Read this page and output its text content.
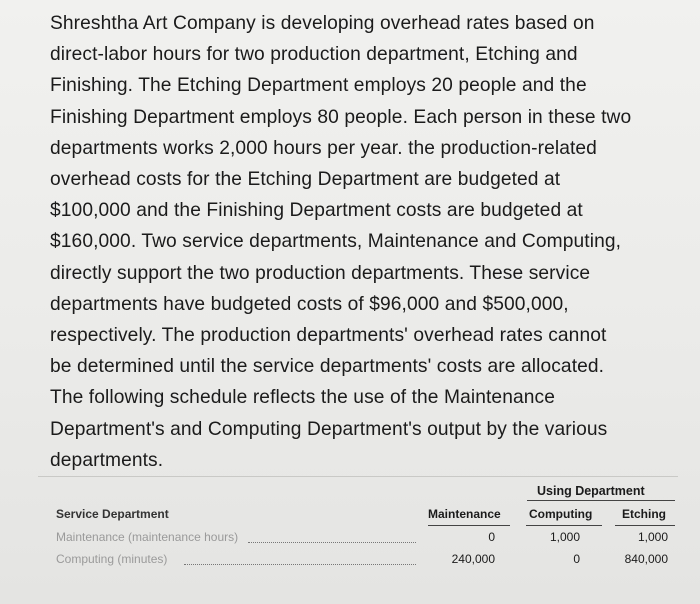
Shreshtha Art Company is developing overhead rates based on
direct-labor hours for two production department, Etching and
Finishing. The Etching Department employs 20 people and the
Finishing Department employs 80 people. Each person in these two
departments works 2,000 hours per year. the production-related
overhead costs for the Etching Department are budgeted at
$100,000 and the Finishing Department costs are budgeted at
$160,000. Two service departments, Maintenance and Computing,
directly support the two production departments. These service
departments have budgeted costs of $96,000 and $500,000,
respectively. The production departments' overhead rates cannot
be determined until the service departments' costs are allocated.
The following schedule reflects the use of the Maintenance
Department's and Computing Department's output by the various
departments.
Using Department
Service Department	Maintenance Computing Etching
Maintenance (maintenance hours)	0	1,000	1,000
Computing (minutes)	240,000	0	840,000
